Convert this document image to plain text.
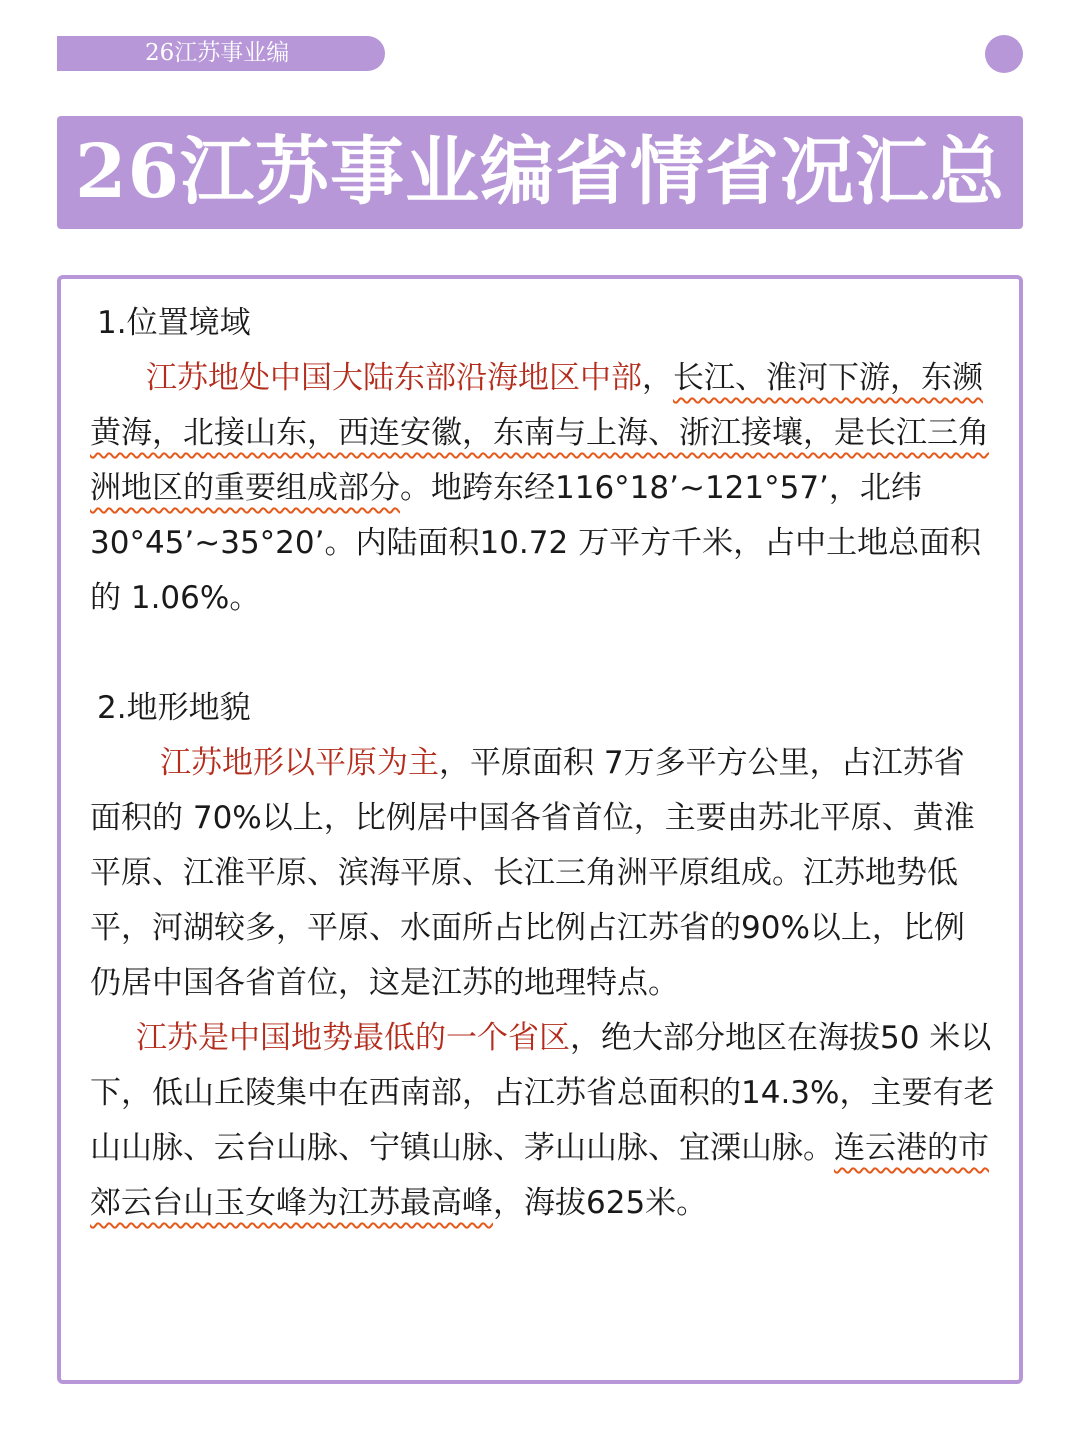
26江苏事业编
26江苏事业编省情省况汇总
1.位置境域

江苏地处中国大陆东部沿海地区中部，长江、淮河下游，东濒黄海，北接山东，西连安徽，东南与上海、浙江接壤，是长江三角洲地区的重要组成部分。地跨东经116°18’~121°57’，北纬30°45’~35°20’。内陆面积10.72 万平方千米，占中土地总面积的 1.06%。

2.地形地貌

江苏地形以平原为主，平原面积 7万多平方公里，占江苏省面积的 70%以上，比例居中国各省首位，主要由苏北平原、黄淮平原、江淮平原、滨海平原、长江三角洲平原组成。江苏地势低平，河湖较多，平原、水面所占比例占江苏省的90%以上，比例仍居中国各省首位，这是江苏的地理特点。

江苏是中国地势最低的一个省区，绝大部分地区在海拔50 米以下，低山丘陵集中在西南部，占江苏省总面积的14.3%，主要有老山山脉、云台山脉、宁镇山脉、茅山山脉、宜溧山脉。连云港的市郊云台山玉女峰为江苏最高峰，海拔625米。
